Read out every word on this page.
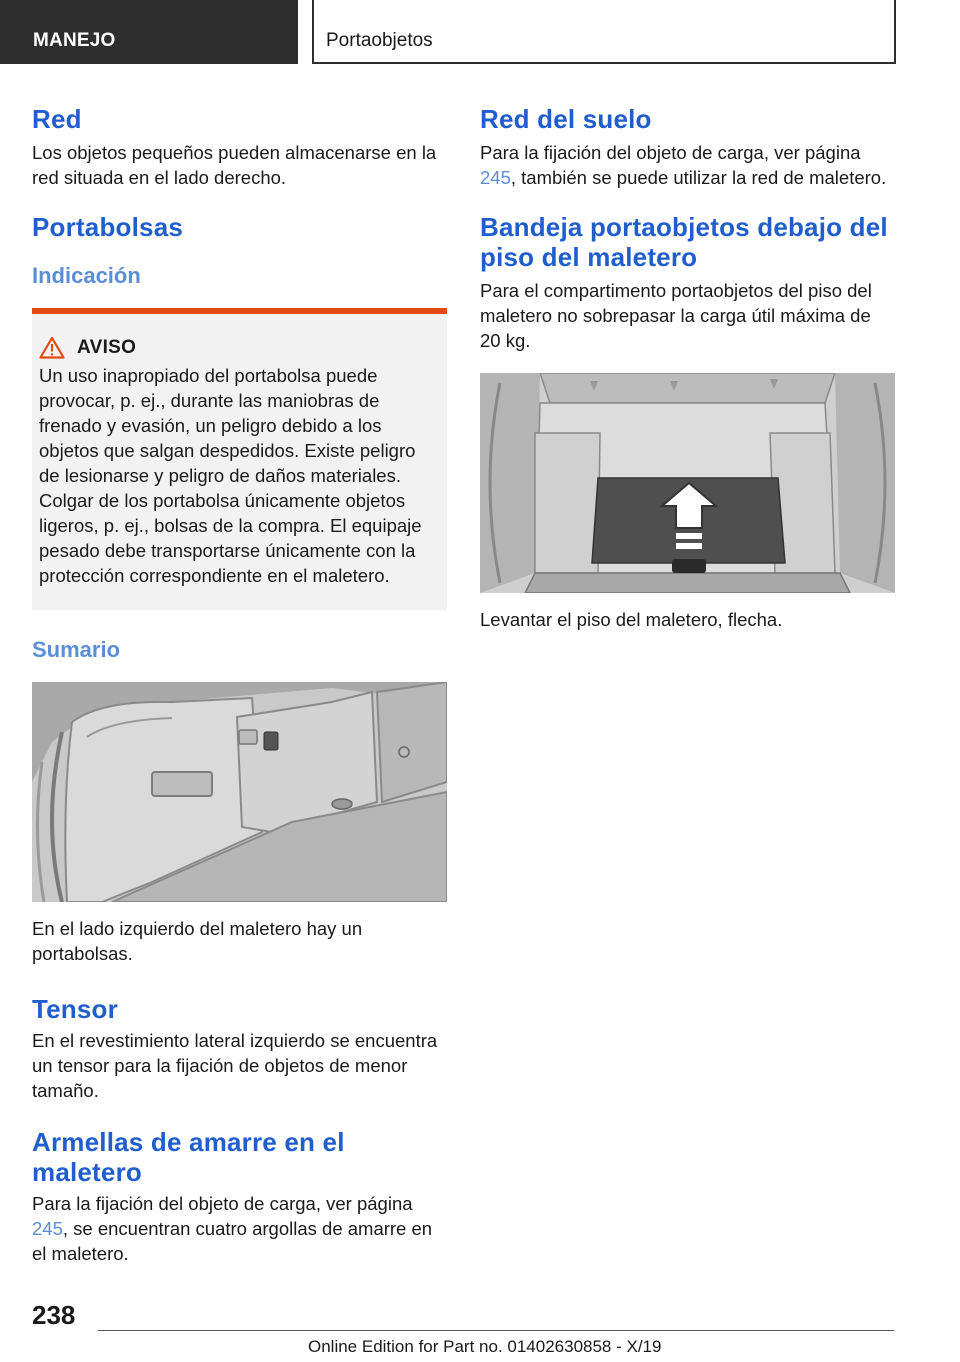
MANEJO	Portaobjetos
Red

Los objetos pequeños pueden almacenarse en la red situada en el lado derecho.

Portabolsas
Indicación
AVISO

Un uso inapropiado del portabolsa puede provocar, p. ej., durante las maniobras de frenado y evasión, un peligro debido a los objetos que salgan despedidos. Existe peligro de lesionarse y peligro de daños materiales. Colgar de los portabolsa únicamente objetos ligeros, p. ej., bolsas de la compra. El equipaje pesado debe transportarse únicamente con la protección correspondiente en el maletero.

Sumario

En el lado izquierdo del maletero hay un portabolsas.

Tensor

En el revestimiento lateral izquierdo se encuentra un tensor para la fijación de objetos de menor tamaño.

Armellas de amarre en el maletero

Para la fijación del objeto de carga, ver página 245, se encuentran cuatro argollas de amarre en el maletero.

Red del suelo

Para la fijación del objeto de carga, ver página 245, también se puede utilizar la red de maletero.

Bandeja portaobjetos debajo del piso del maletero

Para el compartimento portaobjetos del piso del maletero no sobrepasar la carga útil máxima de 20 kg.

Levantar el piso del maletero, flecha.

238
Online Edition for Part no. 01402630858 - X/19
